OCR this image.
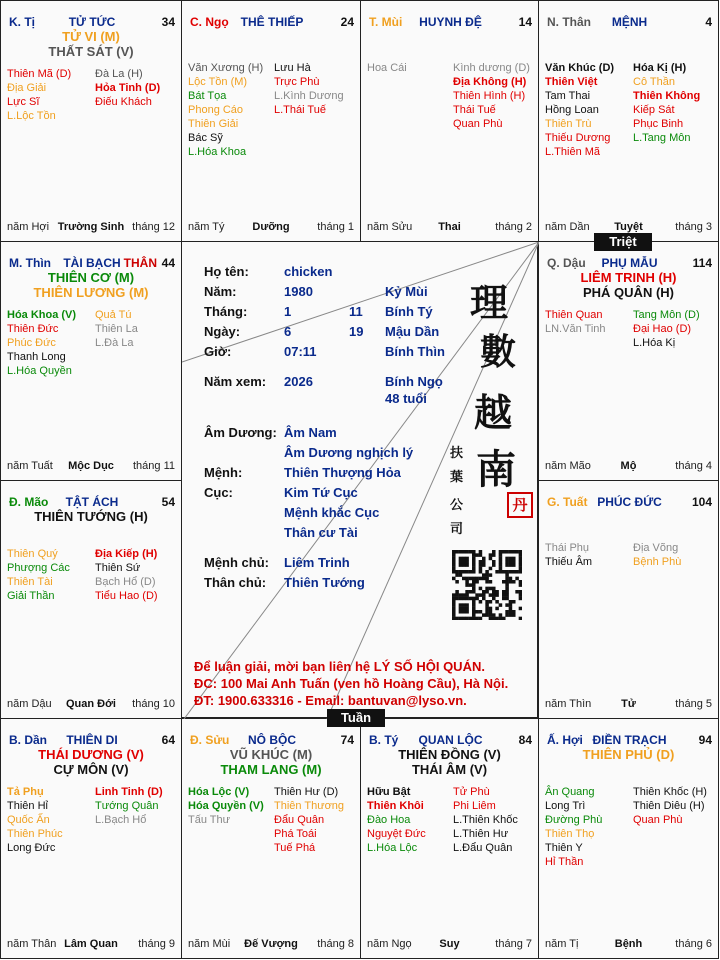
TỬ TỨC
K. Tị	34
TỬ VI (M)
THẤT SÁT (V)
Thiên Mã (D)
Địa Giải
Lực Sĩ
L.Lộc Tồn
Đà La (H)
Hỏa Tinh (D)
Điếu Khách
năm Hợi Trường Sinh tháng 12
THÊ THIẾP
C. Ngọ	24
Văn Xương (H)
Lộc Tồn (M)
Bát Tọa
Phong Cáo
Thiên Giải
Bác Sỹ
L.Hóa Khoa
Lưu Hà
Trực Phù
L.Kình Dương
L.Thái Tuế
năm Tý	Dưỡng	tháng 1
HUYNH ĐỆ
T. Mùi	14
Hoa Cái	Kình dương (D)
Địa Không (H)
Thiên Hình (H)
Thái Tuế
Quan Phù
năm Sửu	Thai	tháng 2
MỆNH
N. Thân	4
Văn Khúc (D)
Thiên Việt
Tam Thai
Hồng Loan
Thiên Trù
Thiếu Dương
L.Thiên Mã
Hóa Kị (H)
Cô Thần
Thiên Không
Kiếp Sát
Phục Binh
L.Tang Môn
năm Dần	Tuyệt	tháng 3
TÀI BẠCH
M. Thìn	44
THÂN
THIÊN CƠ (M)
THIÊN LƯƠNG (M)
Hóa Khoa (V)
Thiên Đức
Phúc Đức
Thanh Long
L.Hóa Quyền
Quả Tú
Thiên La
L.Đà La
năm Tuất	Mộc Dục	tháng 11
PHỤ MẪU
Q. Dậu	114
LIÊM TRINH (H)
PHÁ QUÂN (H)
Thiên Quan
LN.Văn Tinh
Tang Môn (D)
Đại Hao (D)
L.Hóa Kị
năm Mão	Mộ	tháng 4
TẬT ÁCH
Đ. Mão	54
THIÊN TƯỚNG (H)
Thiên Quý
Phượng Các
Thiên Tài
Giải Thần
Địa Kiếp (H)
Thiên Sứ
Bạch Hổ (D)
Tiểu Hao (D)
năm Dậu	Quan Đới	tháng 10
PHÚC ĐỨC
G. Tuất	104
Thái Phụ
Thiếu Âm
Địa Võng
Bệnh Phù
năm Thìn	Tử	tháng 5
THIÊN DI
B. Dần	64
THÁI DƯƠNG (V)
CỰ MÔN (V)
Tả Phụ
Thiên Hỉ
Quốc Ấn
Thiên Phúc
Long Đức
Linh Tinh (D)
Tướng Quân
L.Bạch Hổ
năm Thân Lâm Quan	tháng 9
NÔ BỘC
Đ. Sửu	74
VŨ KHÚC (M)
THAM LANG (M)
Hóa Lộc (V)
Hóa Quyền (V)
Tấu Thư
Thiên Hư (D)
Thiên Thương
Đẩu Quân
Phá Toái
Tuế Phá
năm Mùi	Đế Vượng	tháng 8
QUAN LỘC
B. Tý	84
THIÊN ĐỒNG (V)
THÁI ÂM (V)
Hữu Bật
Thiên Khôi
Đào Hoa
Nguyệt Đức
L.Hóa Lộc
Tử Phù
Phi Liêm
L.Thiên Khốc
L.Thiên Hư
L.Đẩu Quân
năm Ngọ	Suy	tháng 7
ĐIỀN TRẠCH
Ấ. Hợi	94
THIÊN PHỦ (D)
Ân Quang
Long Trì
Đường Phù
Thiên Thọ
Thiên Y
Hỉ Thần
Thiên Khốc (H)
Thiên Diêu (H)
Quan Phù
năm Tị	Bệnh	tháng 6
Họ tên:	chicken
Năm:	1980	Kỷ Mùi
Tháng:	1	11 Bính Tý
Ngày:	6	19 Mậu Dần
Giờ:	07:11	Bính Thìn
Năm xem: 2026	Bính Ngọ
48 tuổi
Âm Dương: Âm Nam
Âm Dương nghịch lý
Mệnh:	Thiên Thượng Hỏa
Cục:	Kim Tứ Cục
Mệnh khắc Cục
Thân cư Tài
Mệnh chủ: Liêm Trinh
Thân chủ: Thiên Tướng
理
數
越
南
扶
葉
公
司
丹
Để luận giải, mời bạn liên hệ LÝ SỐ HỘI QUÁN.
ĐC: 100 Mai Anh Tuấn (ven hồ Hoàng Cầu), Hà Nội.
ĐT: 1900.633316 - Email: bantuvan@lyso.vn.
Triệt
Tuần
